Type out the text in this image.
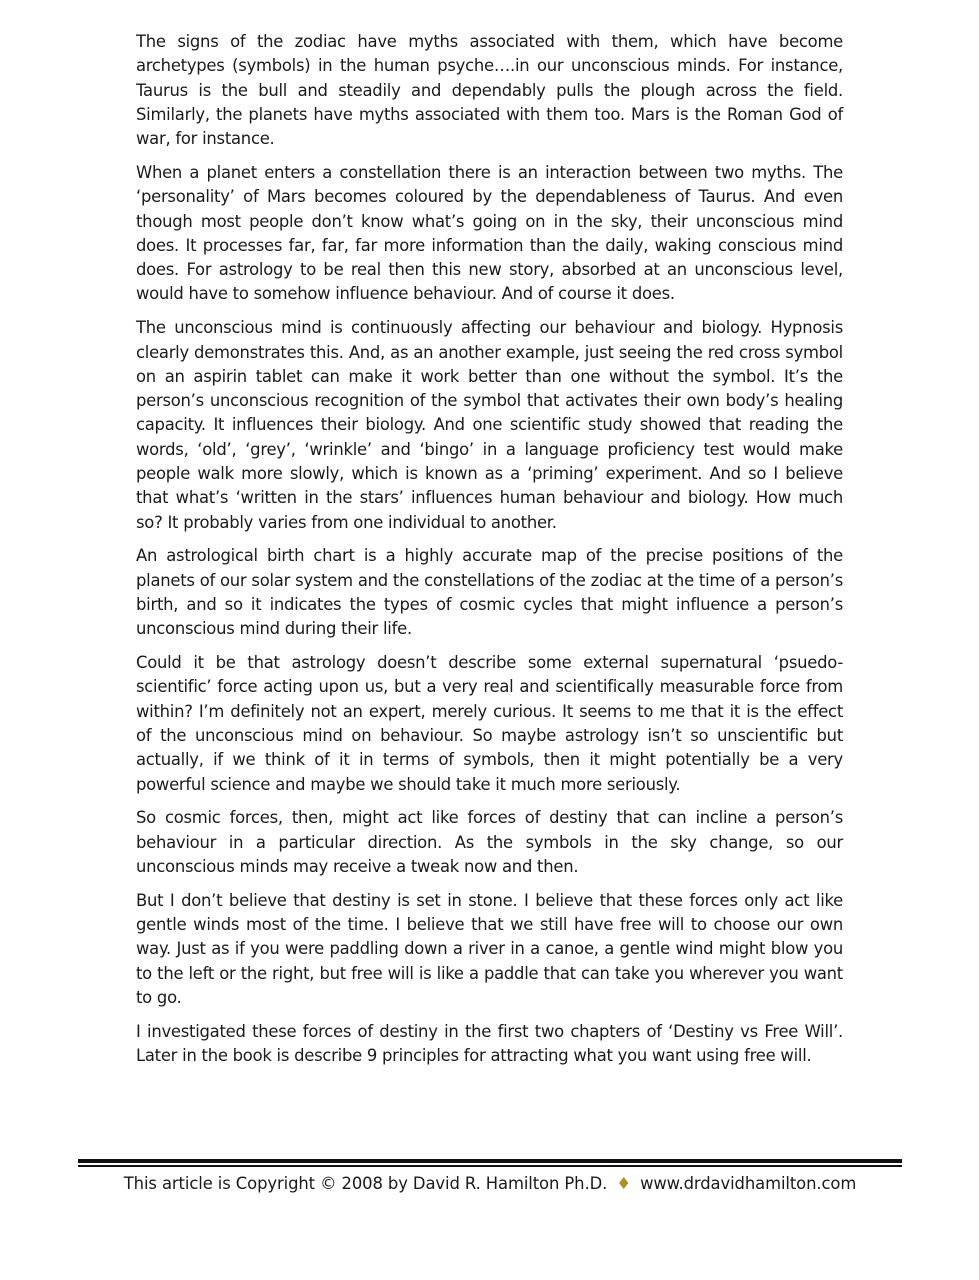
The signs of the zodiac have myths associated with them, which have become archetypes (symbols) in the human psyche….in our unconscious minds. For instance, Taurus is the bull and steadily and dependably pulls the plough across the field. Similarly, the planets have myths associated with them too. Mars is the Roman God of war, for instance.

When a planet enters a constellation there is an interaction between two myths. The ‘personality’ of Mars becomes coloured by the dependableness of Taurus. And even though most people don’t know what’s going on in the sky, their unconscious mind does. It processes far, far, far more information than the daily, waking conscious mind does. For astrology to be real then this new story, absorbed at an unconscious level, would have to somehow influence behaviour. And of course it does.

The unconscious mind is continuously affecting our behaviour and biology. Hypnosis clearly demonstrates this. And, as an another example, just seeing the red cross symbol on an aspirin tablet can make it work better than one without the symbol. It’s the person’s unconscious recognition of the symbol that activates their own body’s healing capacity. It influences their biology. And one scientific study showed that reading the words, ‘old’, ‘grey’, ‘wrinkle’ and ‘bingo’ in a language proficiency test would make people walk more slowly, which is known as a ‘priming’ experiment. And so I believe that what’s ‘written in the stars’ influences human behaviour and biology. How much so? It probably varies from one individual to another.

An astrological birth chart is a highly accurate map of the precise positions of the planets of our solar system and the constellations of the zodiac at the time of a person’s birth, and so it indicates the types of cosmic cycles that might influence a person’s unconscious mind during their life.

Could it be that astrology doesn’t describe some external supernatural ‘psuedo-scientific’ force acting upon us, but a very real and scientifically measurable force from within? I’m definitely not an expert, merely curious. It seems to me that it is the effect of the unconscious mind on behaviour. So maybe astrology isn’t so unscientific but actually, if we think of it in terms of symbols, then it might potentially be a very powerful science and maybe we should take it much more seriously.

So cosmic forces, then, might act like forces of destiny that can incline a person’s behaviour in a particular direction. As the symbols in the sky change, so our unconscious minds may receive a tweak now and then.

But I don’t believe that destiny is set in stone. I believe that these forces only act like gentle winds most of the time. I believe that we still have free will to choose our own way. Just as if you were paddling down a river in a canoe, a gentle wind might blow you to the left or the right, but free will is like a paddle that can take you wherever you want to go.

I investigated these forces of destiny in the first two chapters of ‘Destiny vs Free Will’. Later in the book is describe 9 principles for attracting what you want using free will.

This article is Copyright © 2008 by David R. Hamilton Ph.D. ♦ www.drdavidhamilton.com
